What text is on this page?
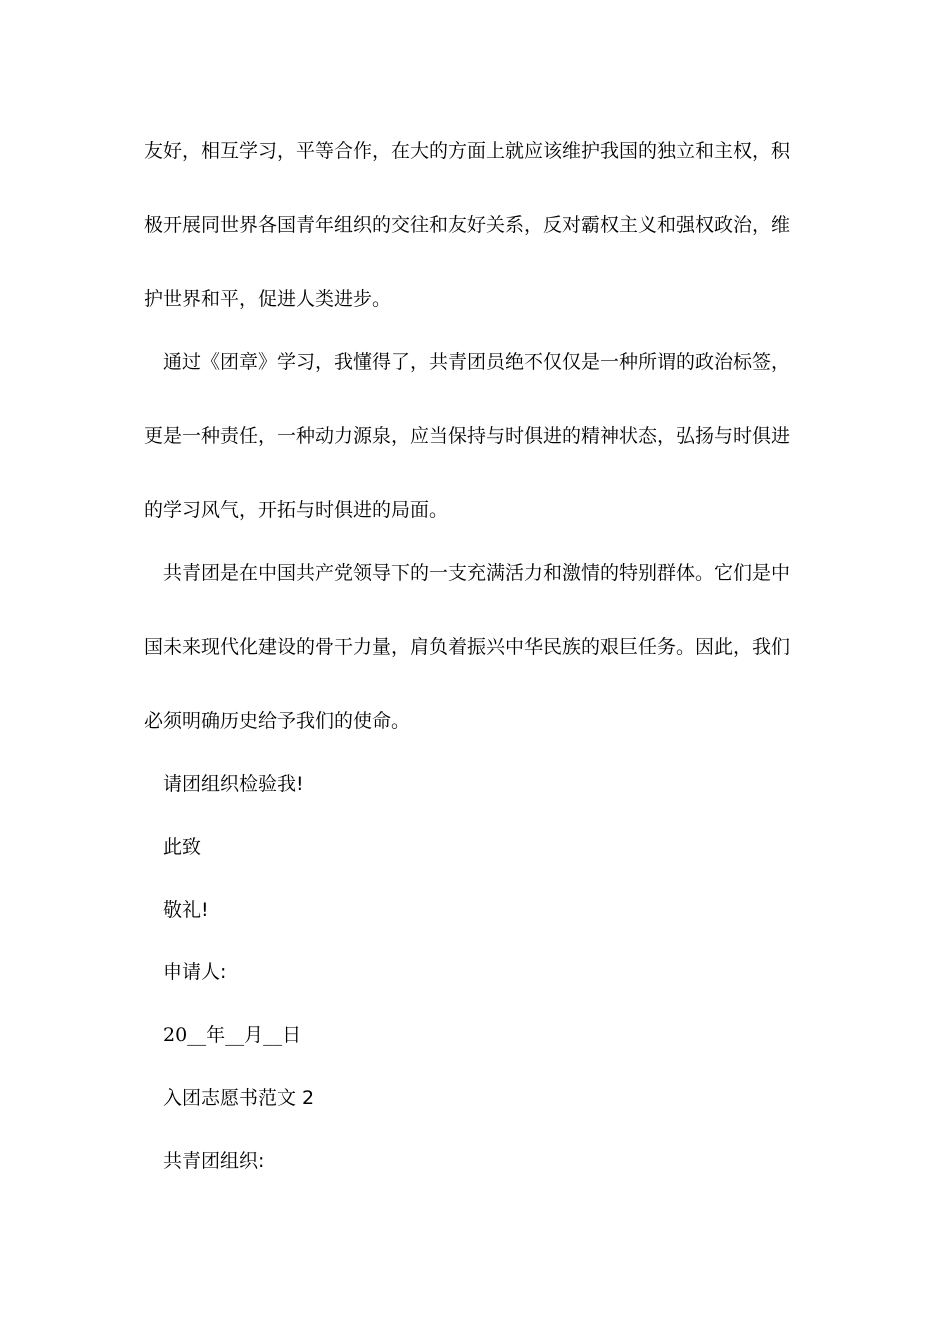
友好，相互学习，平等合作，在大的方面上就应该维护我国的独立和主权，积
极开展同世界各国青年组织的交往和友好关系，反对霸权主义和强权政治，维
护世界和平，促进人类进步。
通过《团章》学习，我懂得了，共青团员绝不仅仅是一种所谓的政治标签，
更是一种责任，一种动力源泉，应当保持与时俱进的精神状态，弘扬与时俱进
的学习风气，开拓与时俱进的局面。
共青团是在中国共产党领导下的一支充满活力和激情的特别群体。它们是中
国未来现代化建设的骨干力量，肩负着振兴中华民族的艰巨任务。因此，我们
必须明确历史给予我们的使命。
请团组织检验我!
此致
敬礼!
申请人:
20__年__月__日
入团志愿书范文 2
共青团组织:
